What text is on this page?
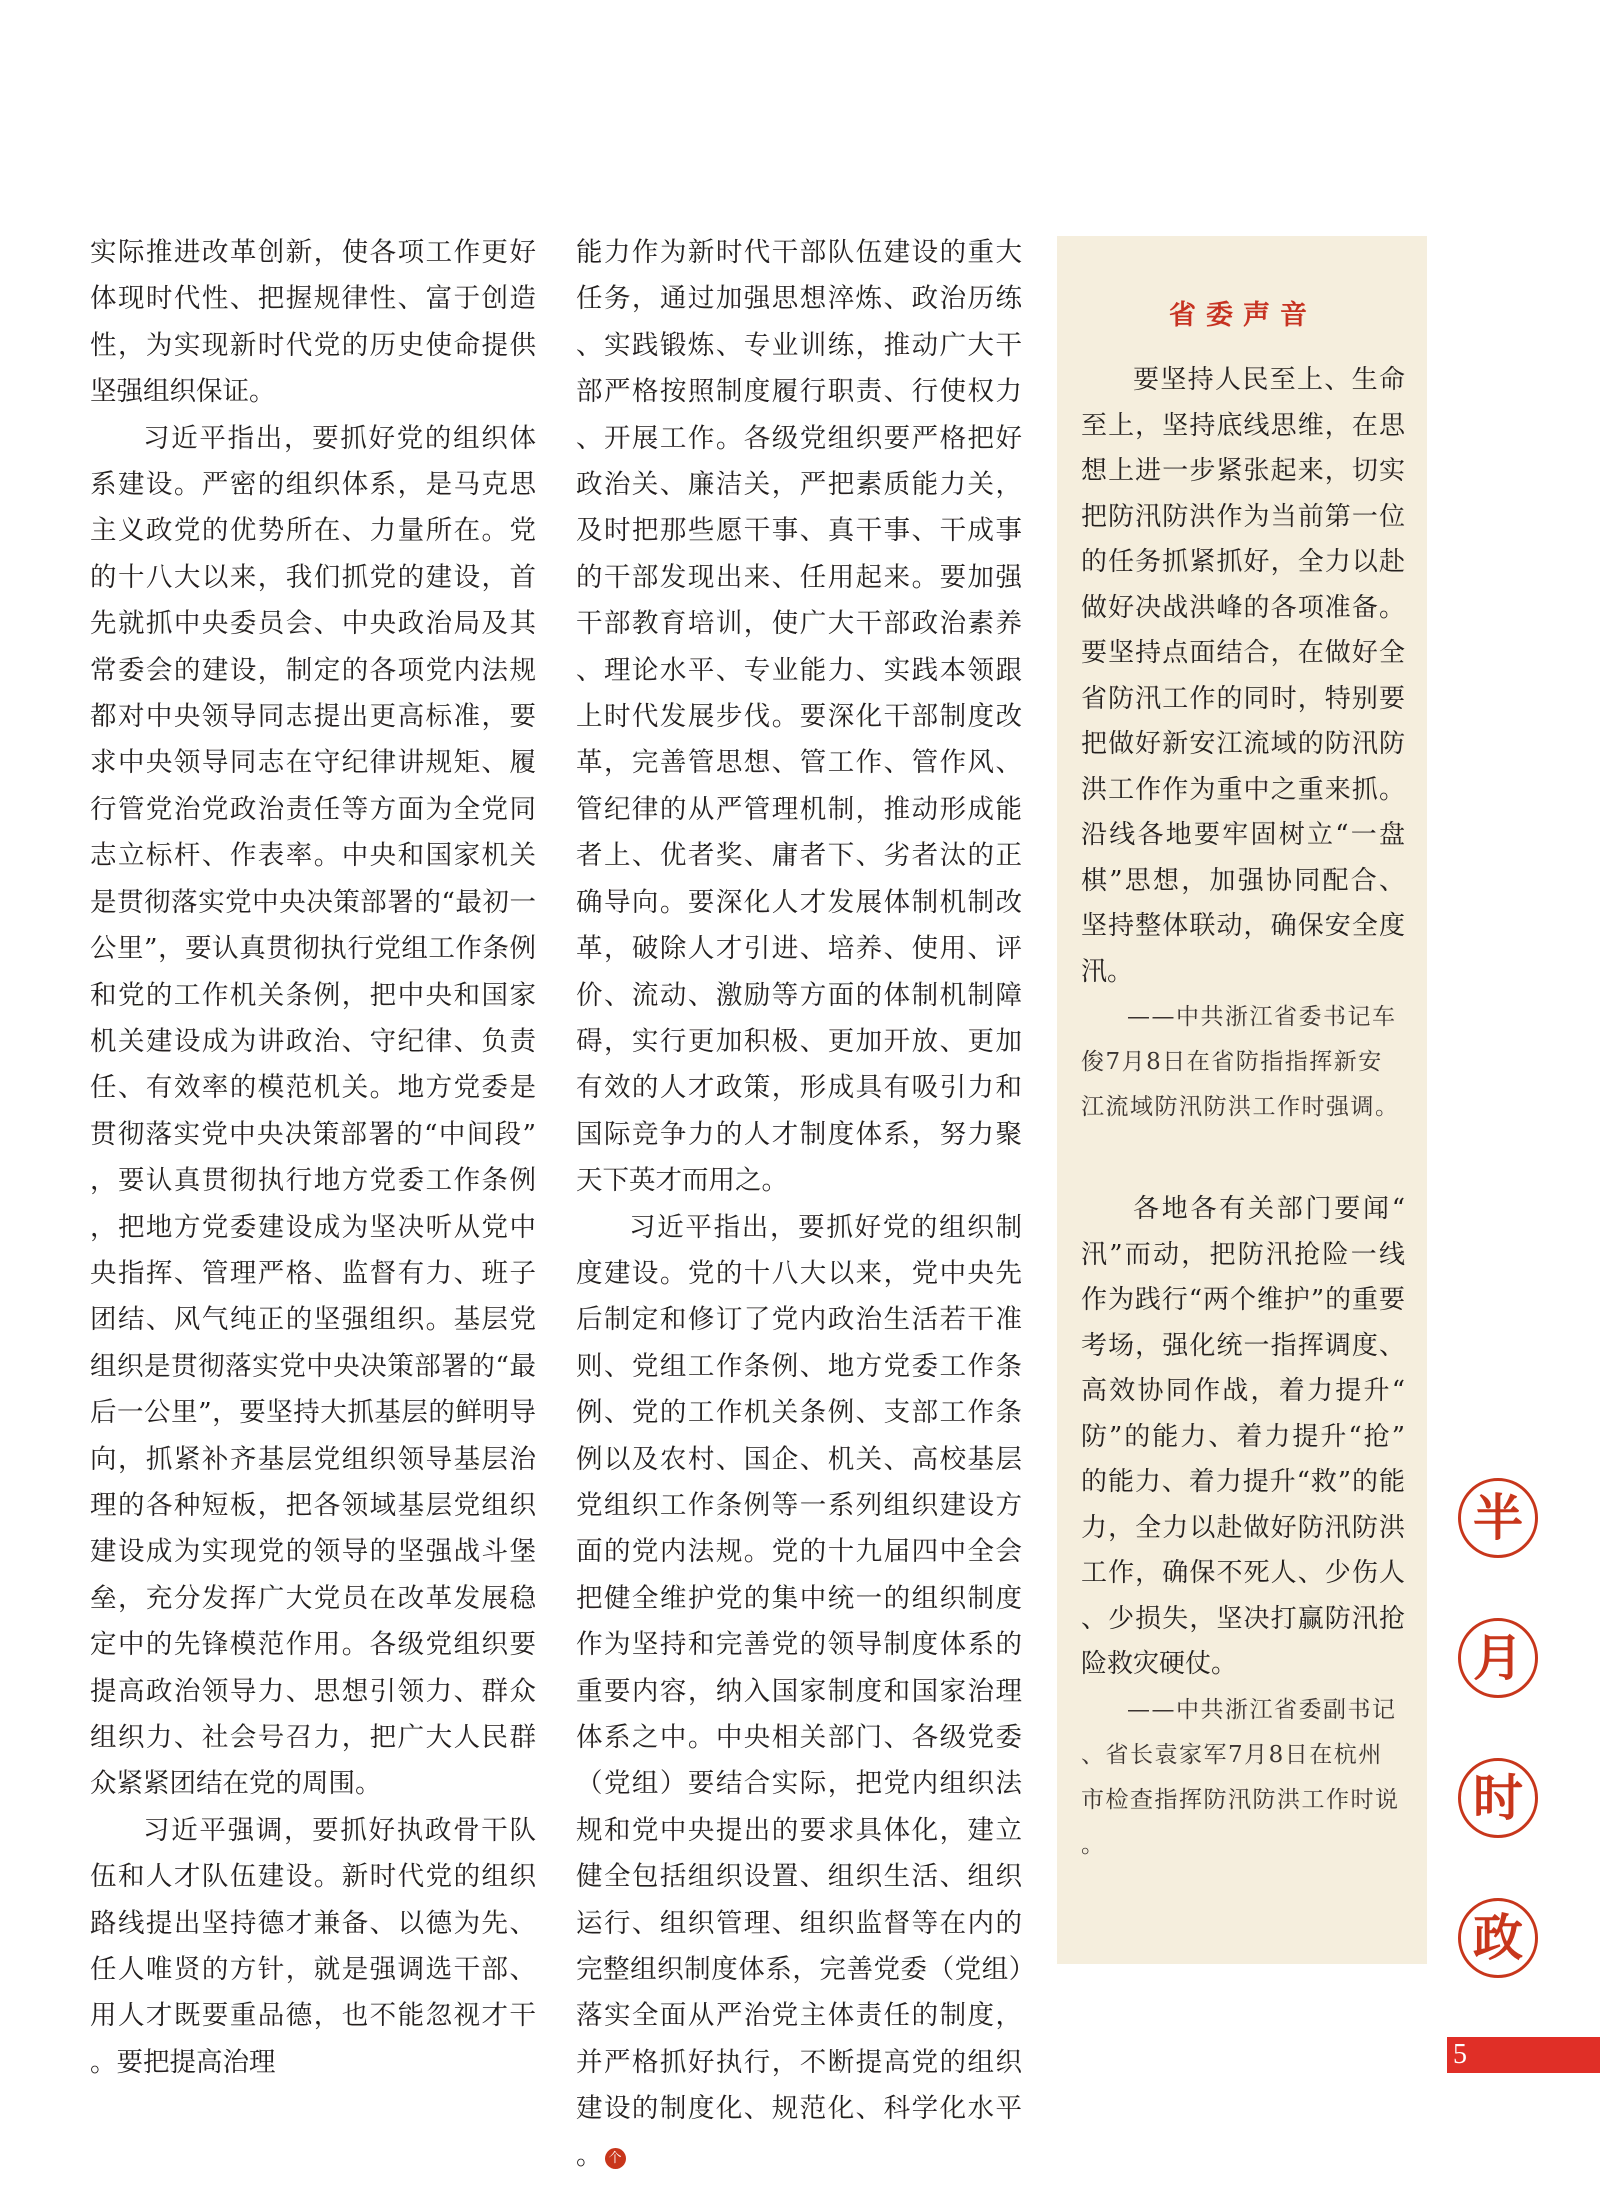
实际推进改革创新，使各项工作更好体现时代性、把握规律性、富于创造性，为实现新时代党的历史使命提供坚强组织保证。

习近平指出，要抓好党的组织体系建设。严密的组织体系，是马克思主义政党的优势所在、力量所在。党的十八大以来，我们抓党的建设，首先就抓中央委员会、中央政治局及其常委会的建设，制定的各项党内法规都对中央领导同志提出更高标准，要求中央领导同志在守纪律讲规矩、履行管党治党政治责任等方面为全党同志立标杆、作表率。中央和国家机关是贯彻落实党中央决策部署的“最初一公里”，要认真贯彻执行党组工作条例和党的工作机关条例，把中央和国家机关建设成为讲政治、守纪律、负责任、有效率的模范机关。地方党委是贯彻落实党中央决策部署的“中间段”，要认真贯彻执行地方党委工作条例，把地方党委建设成为坚决听从党中央指挥、管理严格、监督有力、班子团结、风气纯正的坚强组织。基层党组织是贯彻落实党中央决策部署的“最后一公里”，要坚持大抓基层的鲜明导向，抓紧补齐基层党组织领导基层治理的各种短板，把各领域基层党组织建设成为实现党的领导的坚强战斗堡垒，充分发挥广大党员在改革发展稳定中的先锋模范作用。各级党组织要提高政治领导力、思想引领力、群众组织力、社会号召力，把广大人民群众紧紧团结在党的周围。

习近平强调，要抓好执政骨干队伍和人才队伍建设。新时代党的组织路线提出坚持德才兼备、以德为先、任人唯贤的方针，就是强调选干部、用人才既要重品德，也不能忽视才干。要把提高治理

能力作为新时代干部队伍建设的重大任务，通过加强思想淬炼、政治历练、实践锻炼、专业训练，推动广大干部严格按照制度履行职责、行使权力、开展工作。各级党组织要严格把好政治关、廉洁关，严把素质能力关，及时把那些愿干事、真干事、干成事的干部发现出来、任用起来。要加强干部教育培训，使广大干部政治素养、理论水平、专业能力、实践本领跟上时代发展步伐。要深化干部制度改革，完善管思想、管工作、管作风、管纪律的从严管理机制，推动形成能者上、优者奖、庸者下、劣者汰的正确导向。要深化人才发展体制机制改革，破除人才引进、培养、使用、评价、流动、激励等方面的体制机制障碍，实行更加积极、更加开放、更加有效的人才政策，形成具有吸引力和国际竞争力的人才制度体系，努力聚天下英才而用之。

习近平指出，要抓好党的组织制度建设。党的十八大以来，党中央先后制定和修订了党内政治生活若干准则、党组工作条例、地方党委工作条例、党的工作机关条例、支部工作条例以及农村、国企、机关、高校基层党组织工作条例等一系列组织建设方面的党内法规。党的十九届四中全会把健全维护党的集中统一的组织制度作为坚持和完善党的领导制度体系的重要内容，纳入国家制度和国家治理体系之中。中央相关部门、各级党委（党组）要结合实际，把党内组织法规和党中央提出的要求具体化，建立健全包括组织设置、组织生活、组织运行、组织管理、组织监督等在内的完整组织制度体系，完善党委（党组）落实全面从严治党主体责任的制度，并严格抓好执行，不断提高党的组织建设的制度化、规范化、科学化水平。 个

省委声音

要坚持人民至上、生命至上，坚持底线思维，在思想上进一步紧张起来，切实把防汛防洪作为当前第一位的任务抓紧抓好，全力以赴做好决战洪峰的各项准备。要坚持点面结合，在做好全省防汛工作的同时，特别要把做好新安江流域的防汛防洪工作作为重中之重来抓。沿线各地要牢固树立“一盘棋”思想，加强协同配合、坚持整体联动，确保安全度汛。

——中共浙江省委书记车俊7月8日在省防指指挥新安江流域防汛防洪工作时强调。

各地各有关部门要闻“汛”而动，把防汛抢险一线作为践行“两个维护”的重要考场，强化统一指挥调度、高效协同作战，着力提升“防”的能力、着力提升“抢”的能力、着力提升“救”的能力，全力以赴做好防汛防洪工作，确保不死人、少伤人、少损失，坚决打赢防汛抢险救灾硬仗。

——中共浙江省委副书记、省长袁家军7月8日在杭州市检查指挥防汛防洪工作时说。

半
月
时
政
5
